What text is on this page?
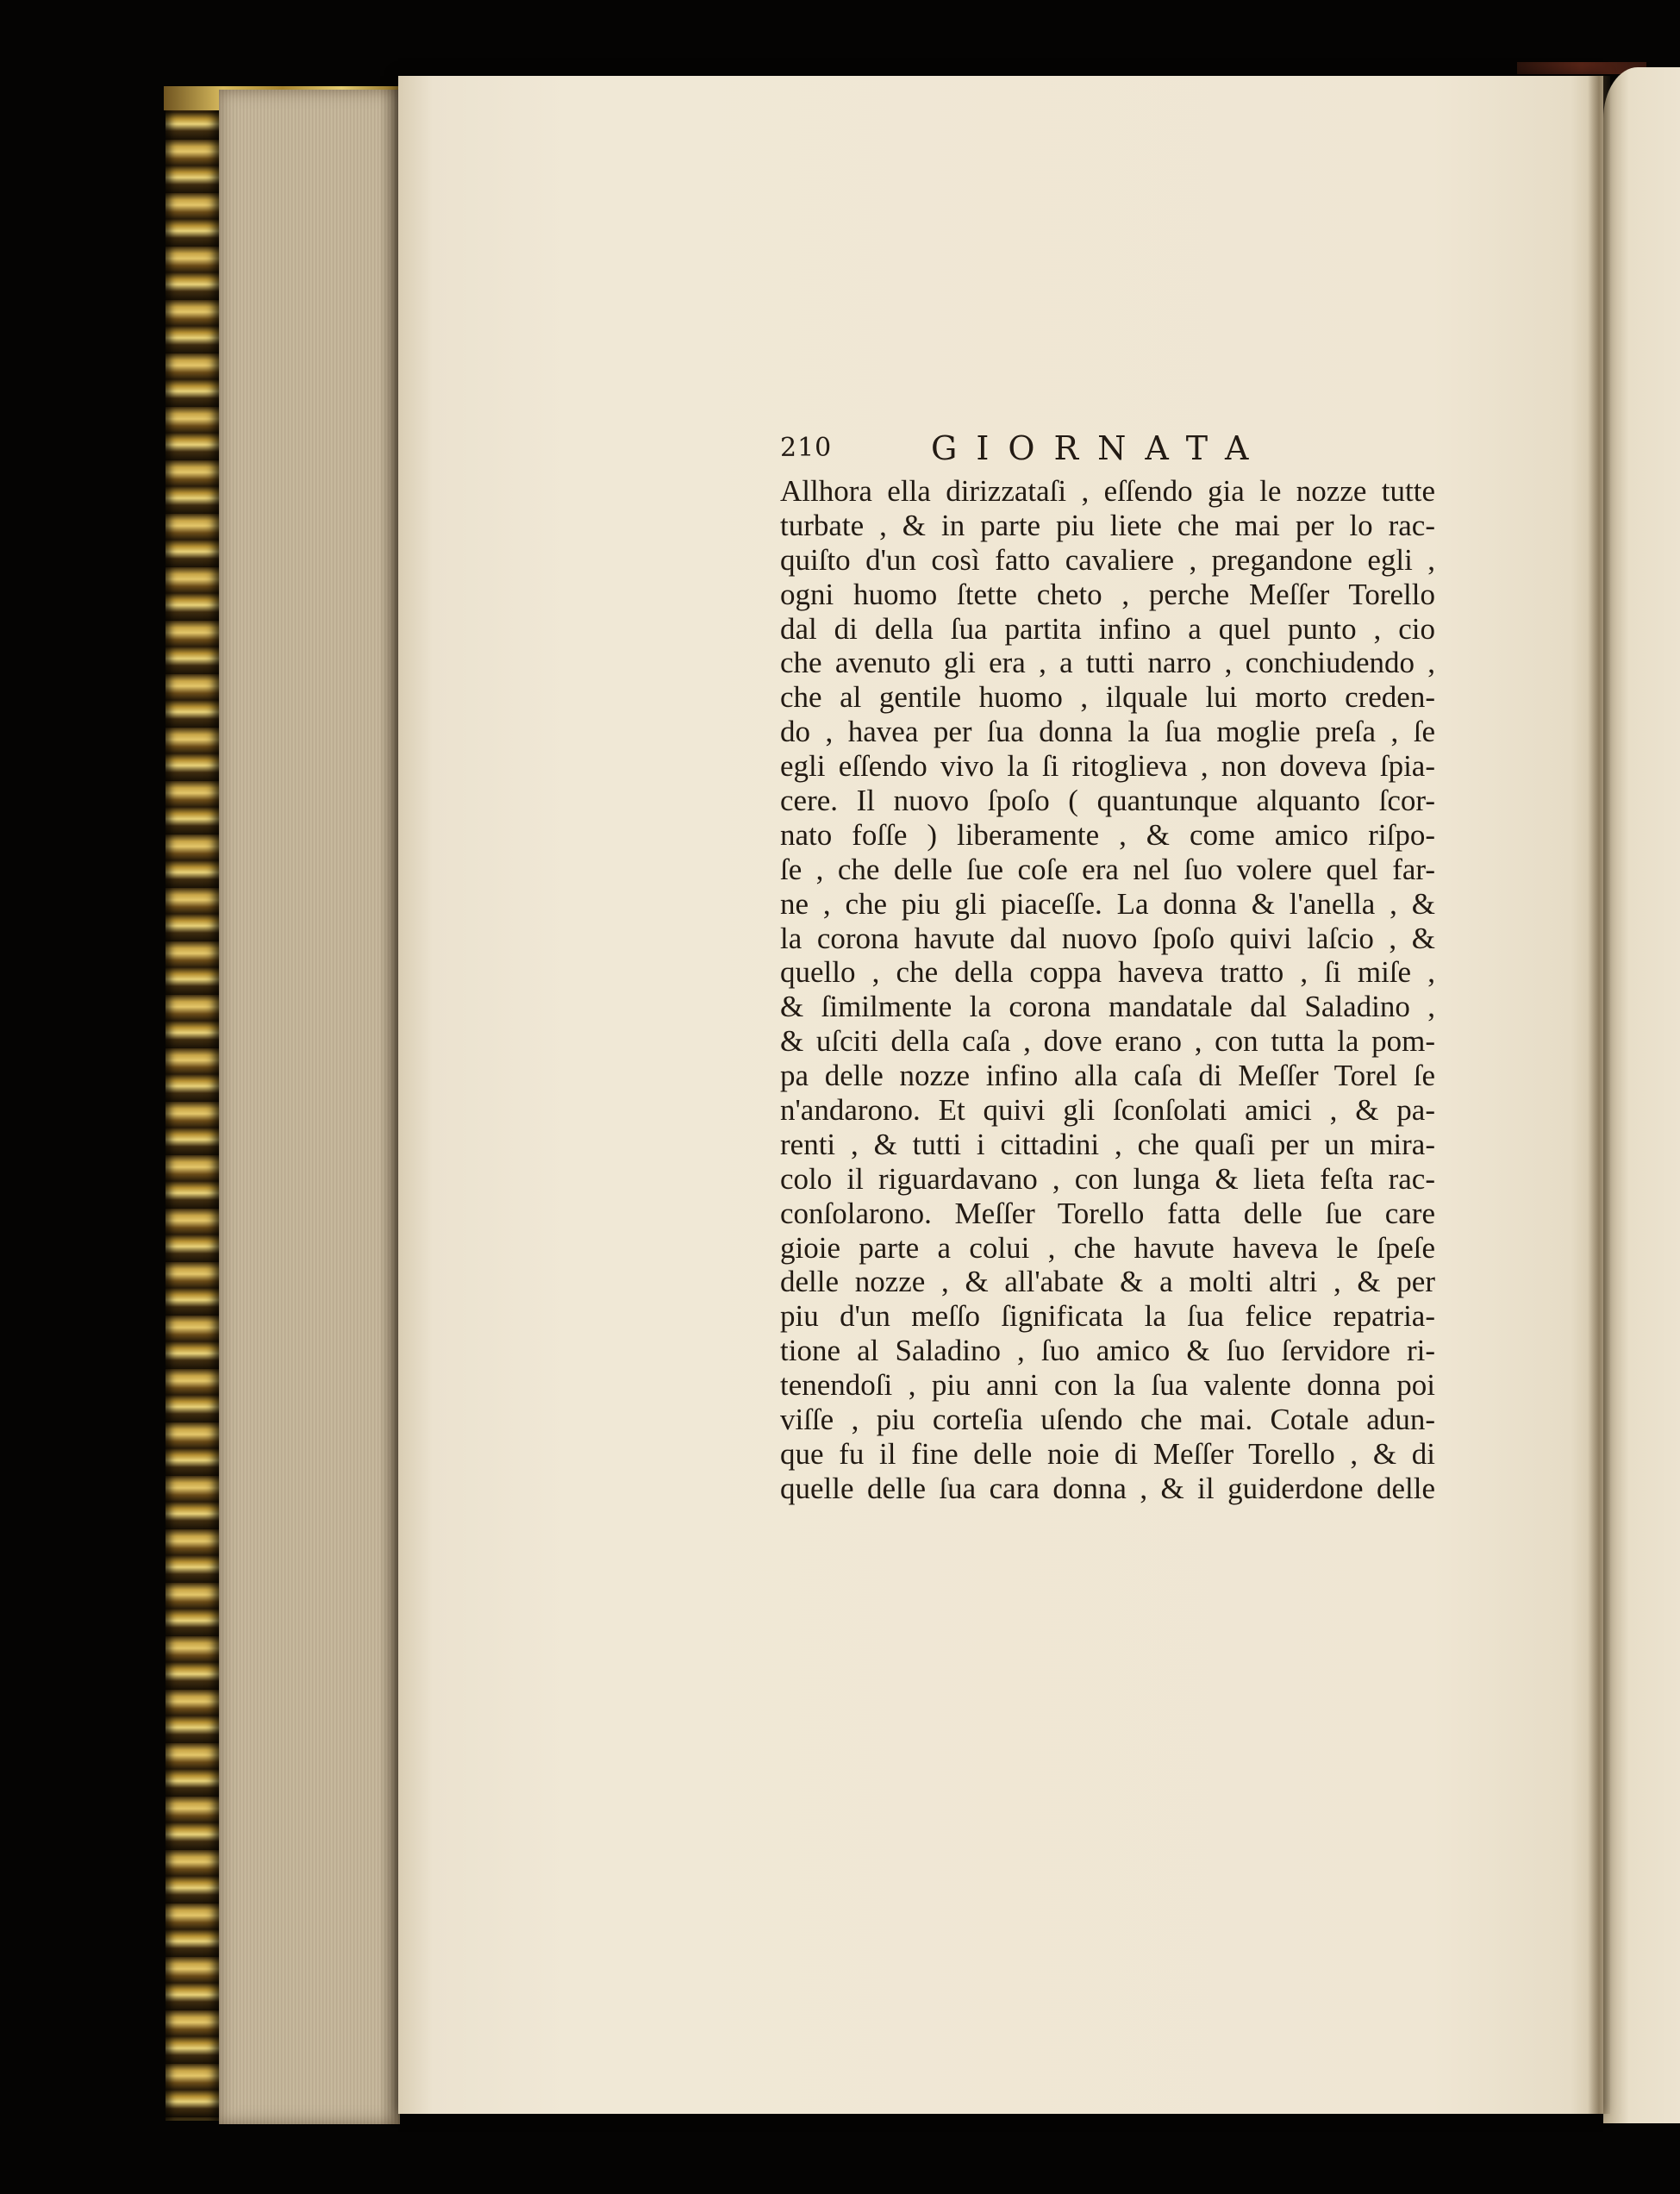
210	GIORNATA
Allhora ella dirizzataſi , eſſendo gia le nozze tutte
turbate , & in parte piu liete che mai per lo rac-
quiſto d'un così fatto cavaliere , pregandone egli ,
ogni huomo ſtette cheto , perche Meſſer Torello
dal di della ſua partita infino a quel punto , cio
che avenuto gli era , a tutti narro , conchiudendo ,
che al gentile huomo , ilquale lui morto creden-
do , havea per ſua donna la ſua moglie preſa , ſe
egli eſſendo vivo la ſi ritoglieva , non doveva ſpia-
cere. Il nuovo ſpoſo ( quantunque alquanto ſcor-
nato foſſe ) liberamente , & come amico riſpo-
ſe , che delle ſue coſe era nel ſuo volere quel far-
ne , che piu gli piaceſſe. La donna & l'anella , &
la corona havute dal nuovo ſpoſo quivi laſcio , &
quello , che della coppa haveva tratto , ſi miſe ,
& ſimilmente la corona mandatale dal Saladino ,
& uſciti della caſa , dove erano , con tutta la pom-
pa delle nozze infino alla caſa di Meſſer Torel ſe
n'andarono. Et quivi gli ſconſolati amici , & pa-
renti , & tutti i cittadini , che quaſi per un mira-
colo il riguardavano , con lunga & lieta feſta rac-
conſolarono. Meſſer Torello fatta delle ſue care
gioie parte a colui , che havute haveva le ſpeſe
delle nozze , & all'abate & a molti altri , & per
piu d'un meſſo ſignificata la ſua felice repatria-
tione al Saladino , ſuo amico & ſuo ſervidore ri-
tenendoſi , piu anni con la ſua valente donna poi
viſſe , piu corteſia uſendo che mai. Cotale adun-
que fu il fine delle noie di Meſſer Torello , & di
quelle delle ſua cara donna , & il guiderdone delle
